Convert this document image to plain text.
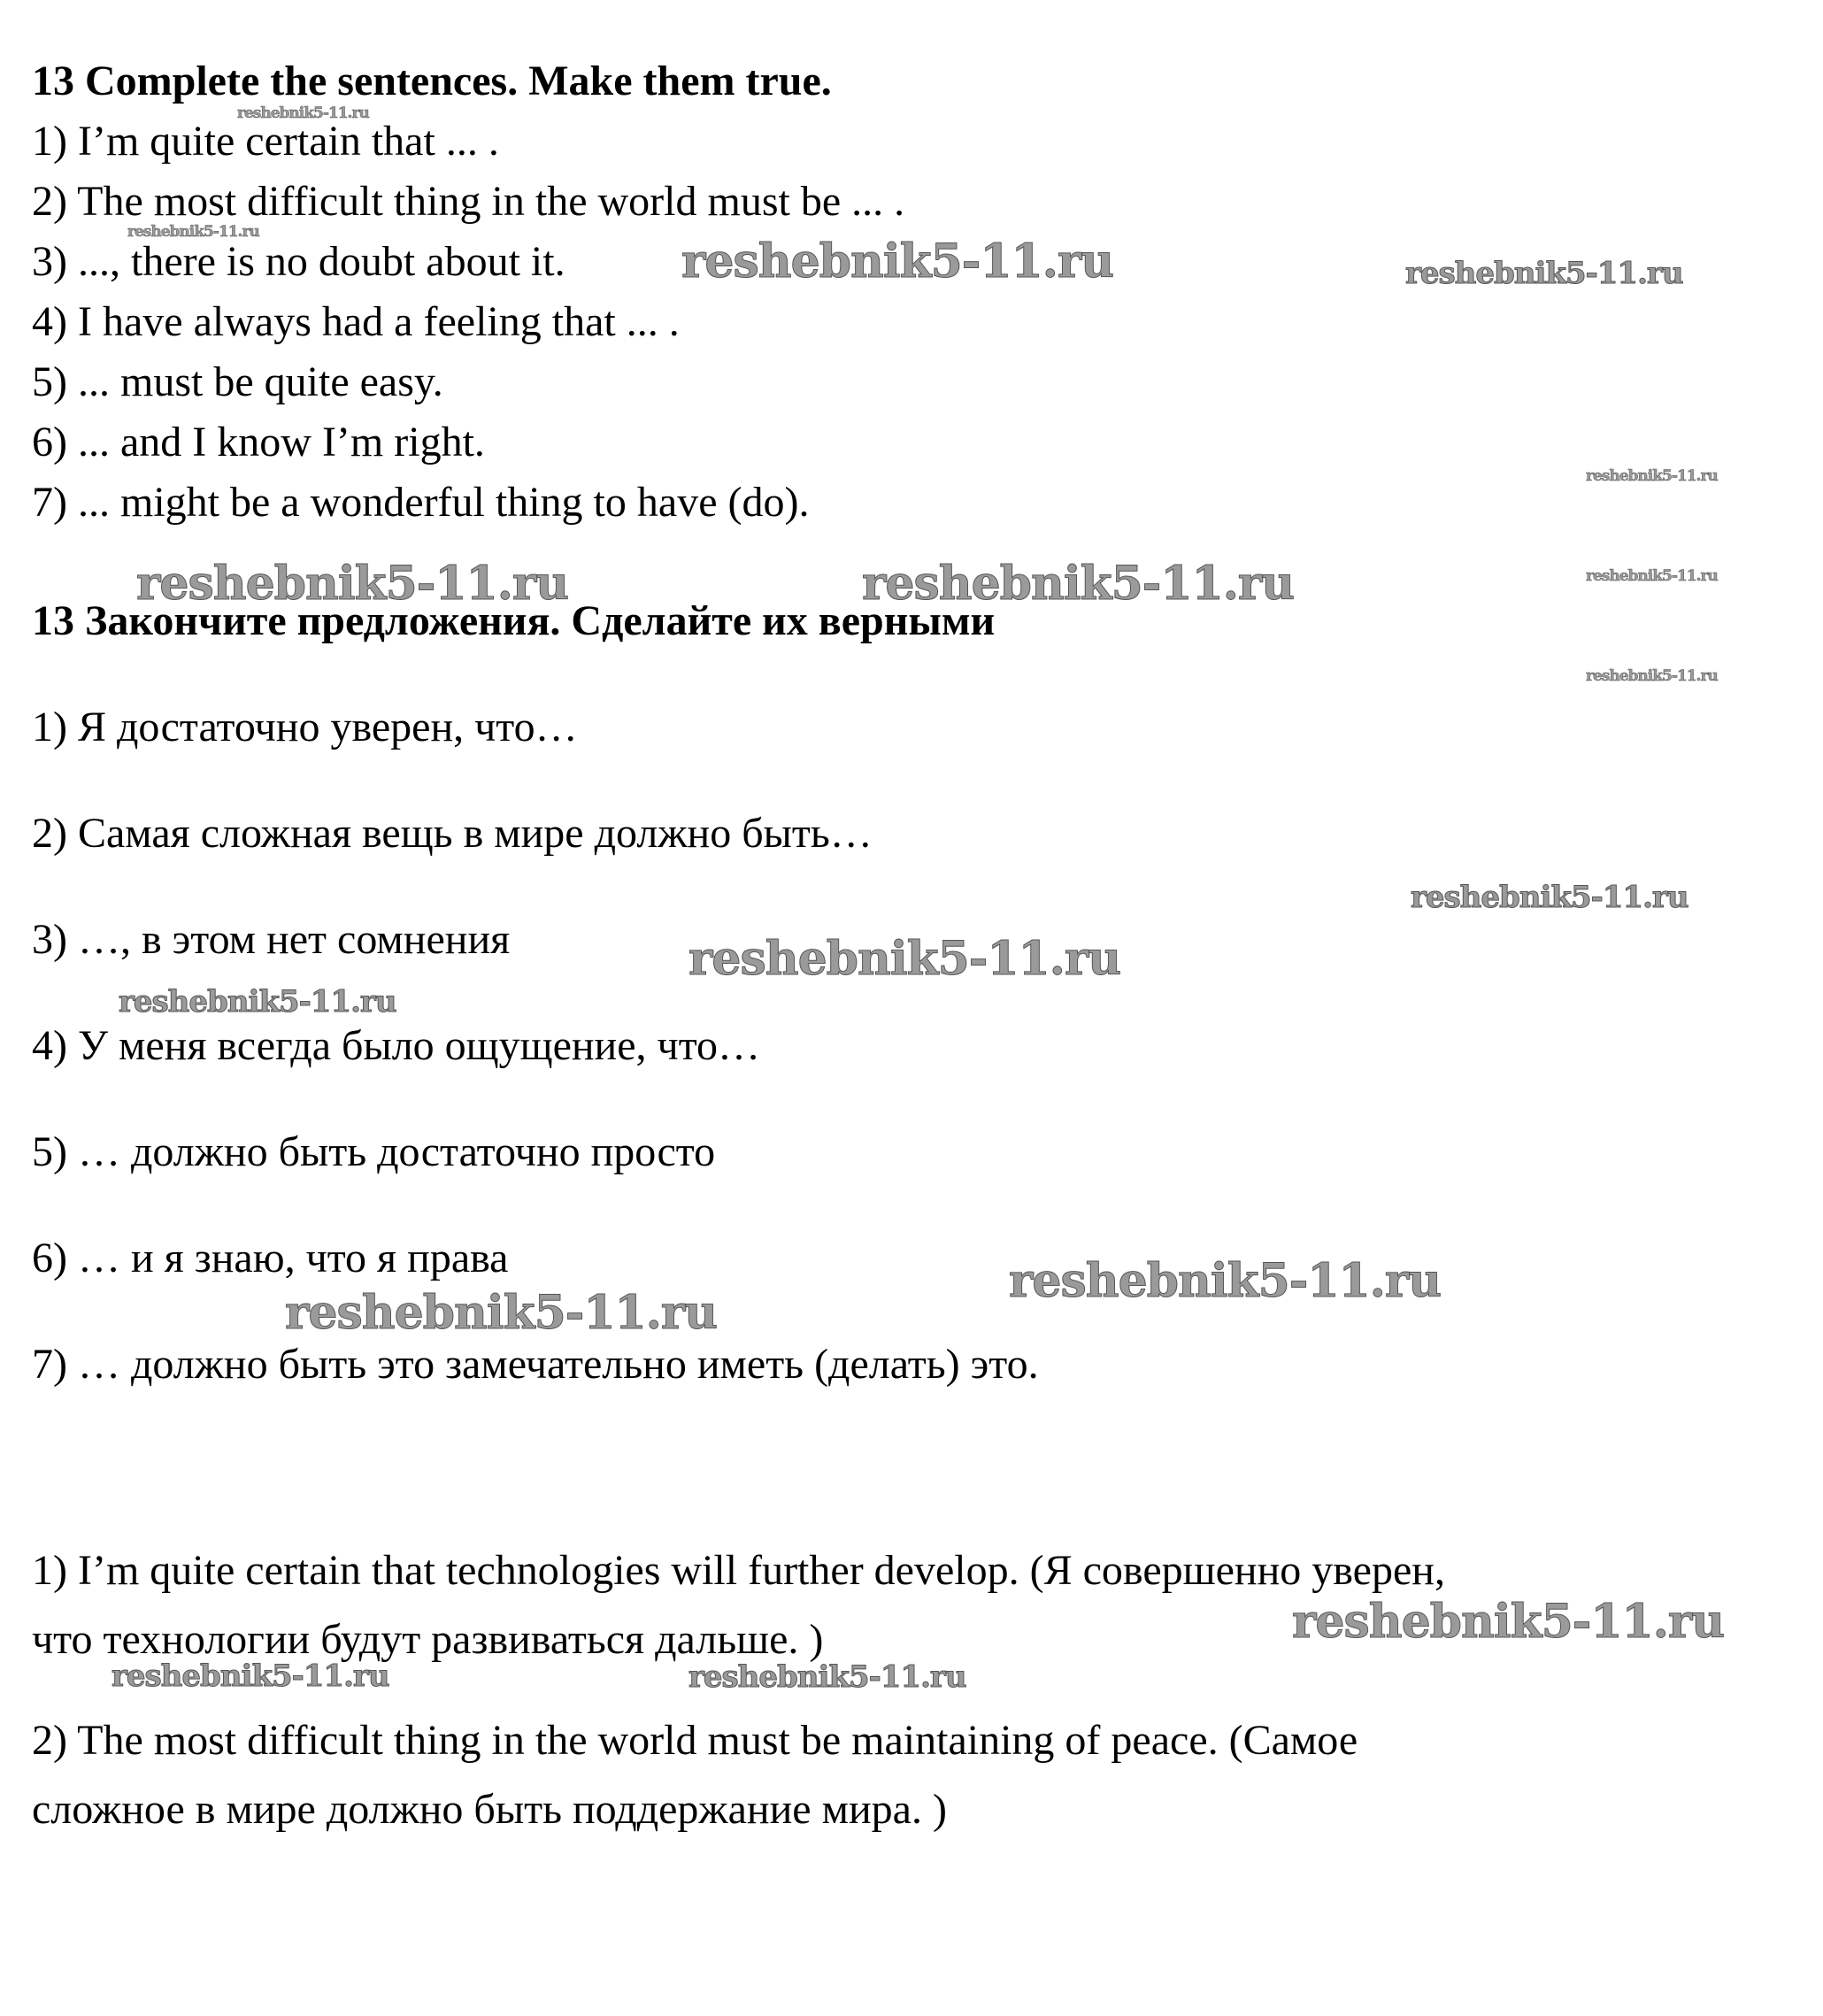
13 Complete the sentences. Make them true.

1) I’m quite certain that ... .

2) The most difficult thing in the world must be ... .

3) ..., there is no doubt about it.

4) I have always had a feeling that ... .

5) ... must be quite easy.

6) ... and I know I’m right.

7) ... might be a wonderful thing to have (do).

13 Закончите предложения. Сделайте их верными

1) Я достаточно уверен, что…

2) Самая сложная вещь в мире должно быть…

3) …, в этом нет сомнения

4) У меня всегда было ощущение, что…

5) … должно быть достаточно просто

6) … и я знаю, что я права

7) … должно быть это замечательно иметь (делать) это.

1) I’m quite certain that technologies will further develop. (Я совершенно уверен,

что технологии будут развиваться дальше. )

2) The most difficult thing in the world must be maintaining of peace. (Самое

сложное в мире должно быть поддержание мира. )

reshebnik5-11.ru
reshebnik5-11.ru
reshebnik5-11.ru	reshebnik5-11.ru
reshebnik5-11.ru
reshebnik5-11.ru	reshebnik5-11.ru	reshebnik5-11.ru
reshebnik5-11.ru
reshebnik5-11.ru
reshebnik5-11.ru
reshebnik5-11.ru
reshebnik5-11.ru
reshebnik5-11.ru
reshebnik5-11.ru
reshebnik5-11.ru	reshebnik5-11.ru
